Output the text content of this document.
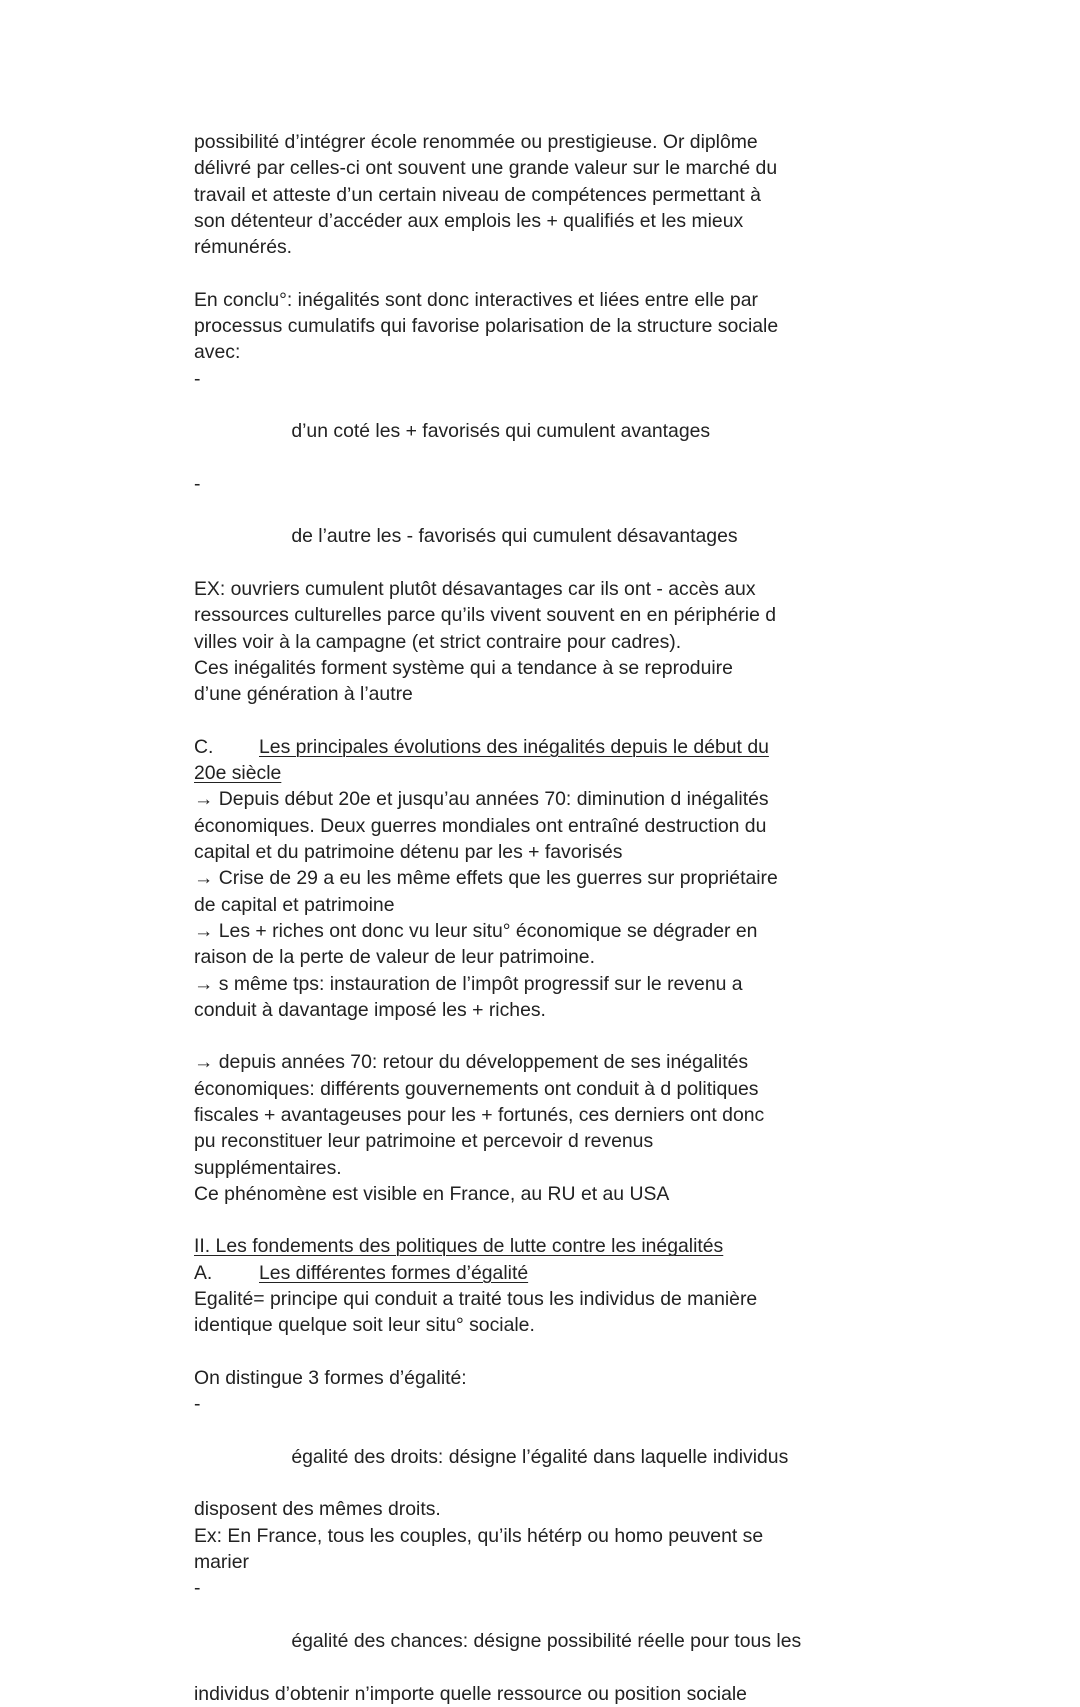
possibilité d’intégrer école renommée ou prestigieuse. Or diplôme
délivré par celles-ci ont souvent une grande valeur sur le marché du
travail et atteste d’un certain niveau de compétences permettant à
son détenteur d’accéder aux emplois les + qualifiés et les mieux
rémunérés.
En conclu°: inégalités sont donc interactives et liées entre elle par
processus cumulatifs qui favorise polarisation de la structure sociale
avec:

-

d’un coté les + favorisés qui cumulent avantages

-

de l’autre les - favorisés qui cumulent désavantages

EX: ouvriers cumulent plutôt désavantages car ils ont - accès aux
ressources culturelles parce qu’ils vivent souvent en en périphérie d
villes voir à la campagne (et strict contraire pour cadres).
Ces inégalités forment système qui a tendance à se reproduire
d’une génération à l’autre
C. Les principales évolutions des inégalités depuis le début du
20e siècle
→ Depuis début 20e et jusqu’au années 70: diminution d inégalités
économiques. Deux guerres mondiales ont entraîné destruction du
capital et du patrimoine détenu par les + favorisés
→ Crise de 29 a eu les même effets que les guerres sur propriétaire
de capital et patrimoine
→ Les + riches ont donc vu leur situ° économique se dégrader en
raison de la perte de valeur de leur patrimoine.
→ s même tps: instauration de l’impôt progressif sur le revenu a
conduit à davantage imposé les + riches.
→ depuis années 70: retour du développement de ses inégalités
économiques: différents gouvernements ont conduit à d politiques
fiscales + avantageuses pour les + fortunés, ces derniers ont donc
pu reconstituer leur patrimoine et percevoir d revenus
supplémentaires.
Ce phénomène est visible en France, au RU et au USA
II. Les fondements des politiques de lutte contre les inégalités
A. Les différentes formes d’égalité
Egalité= principe qui conduit a traité tous les individus de manière
identique quelque soit leur situ° sociale.
On distingue 3 formes d’égalité:

-

égalité des droits: désigne l’égalité dans laquelle individus

disposent des mêmes droits.
Ex: En France, tous les couples, qu’ils hétérp ou homo peuvent se
marier

-

égalité des chances: désigne possibilité réelle pour tous les

individus d’obtenir n’importe quelle ressource ou position sociale
